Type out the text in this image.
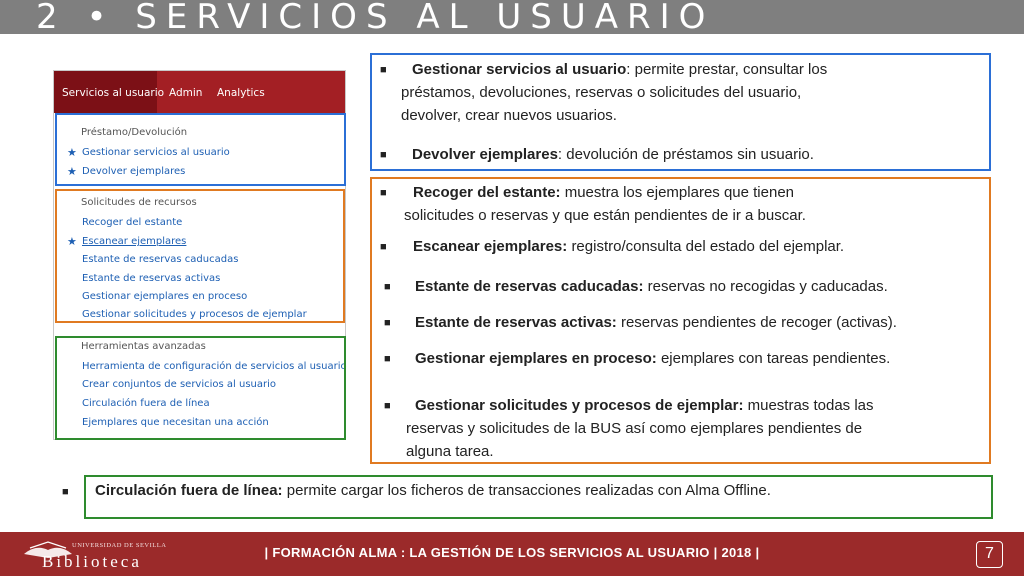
2 • SERVICIOS AL USUARIO
Servicios al usuario Admin Analytics
Préstamo/Devolución
★ Gestionar servicios al usuario
★ Devolver ejemplares
Solicitudes de recursos
Recoger del estante
★ Escanear ejemplares
Estante de reservas caducadas
Estante de reservas activas
Gestionar ejemplares en proceso
Gestionar solicitudes y procesos de ejemplar
Herramientas avanzadas
Herramienta de configuración de servicios al usuario
Crear conjuntos de servicios al usuario
Circulación fuera de línea
Ejemplares que necesitan una acción
■ Gestionar servicios al usuario: permite prestar, consultar los
préstamos, devoluciones, reservas o solicitudes del usuario,
devolver, crear nuevos usuarios.
■ Devolver ejemplares: devolución de préstamos sin usuario.
■ Recoger del estante: muestra los ejemplares que tienen
solicitudes o reservas y que están pendientes de ir a buscar.
■ Escanear ejemplares: registro/consulta del estado del ejemplar.
■ Estante de reservas caducadas: reservas no recogidas y caducadas.
■ Estante de reservas activas: reservas pendientes de recoger (activas).
■ Gestionar ejemplares en proceso: ejemplares con tareas pendientes.
■ Gestionar solicitudes y procesos de ejemplar: muestras todas las
reservas y solicitudes de la BUS así como ejemplares pendientes de
alguna tarea.
■ Circulación fuera de línea: permite cargar los ficheros de transacciones realizadas con Alma Offline.
UNIVERSIDAD DE SEVILLA
Biblioteca	| FORMACIÓN ALMA : LA GESTIÓN DE LOS SERVICIOS AL USUARIO | 2018 |	7
